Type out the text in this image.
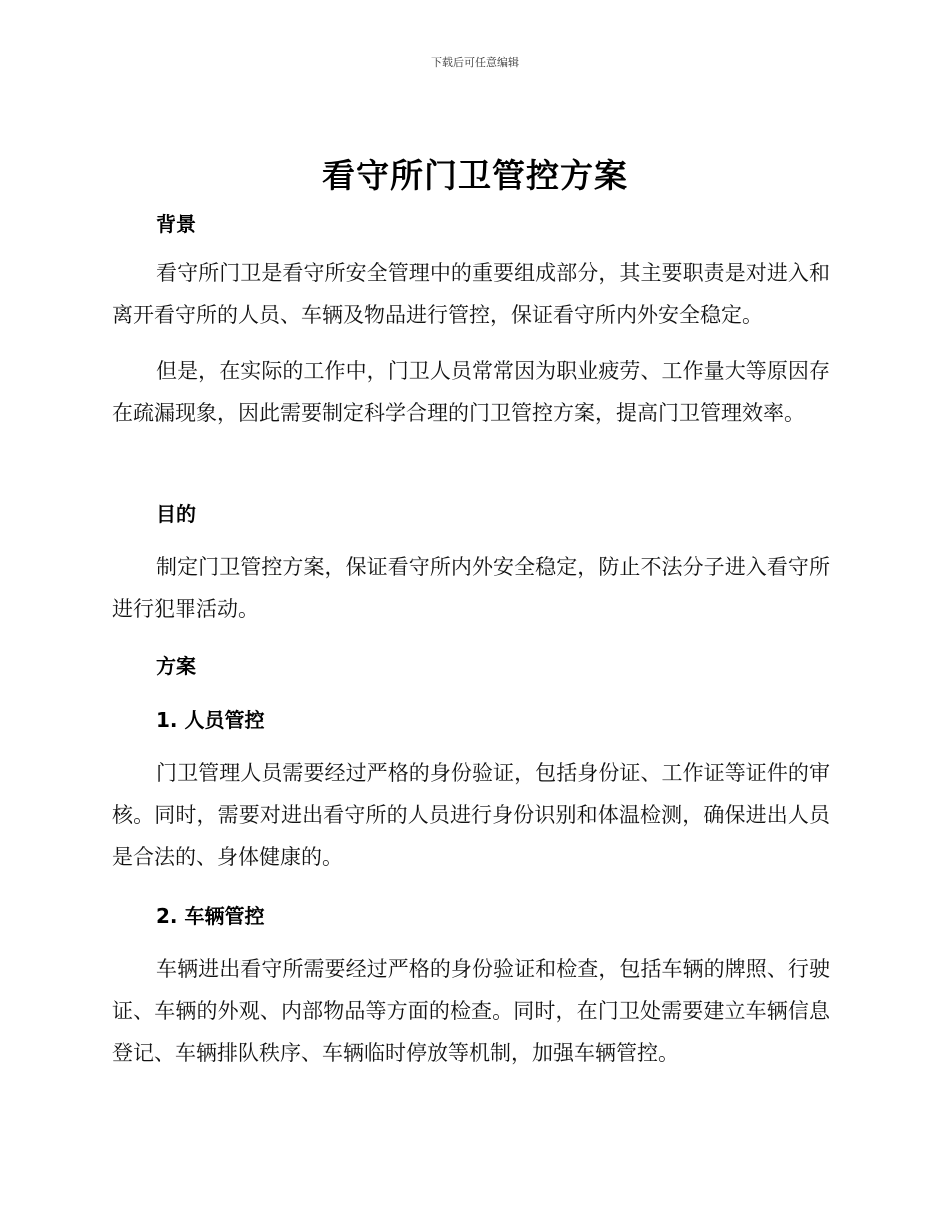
下载后可任意编辑
看守所门卫管控方案
背景

看守所门卫是看守所安全管理中的重要组成部分，其主要职责是对进入和离开看守所的人员、车辆及物品进行管控，保证看守所内外安全稳定。

但是，在实际的工作中，门卫人员常常因为职业疲劳、工作量大等原因存在疏漏现象，因此需要制定科学合理的门卫管控方案，提高门卫管理效率。

目的

制定门卫管控方案，保证看守所内外安全稳定，防止不法分子进入看守所进行犯罪活动。

方案
1. 人员管控

门卫管理人员需要经过严格的身份验证，包括身份证、工作证等证件的审核。同时，需要对进出看守所的人员进行身份识别和体温检测，确保进出人员是合法的、身体健康的。

2. 车辆管控

车辆进出看守所需要经过严格的身份验证和检查，包括车辆的牌照、行驶证、车辆的外观、内部物品等方面的检查。同时，在门卫处需要建立车辆信息登记、车辆排队秩序、车辆临时停放等机制，加强车辆管控。
